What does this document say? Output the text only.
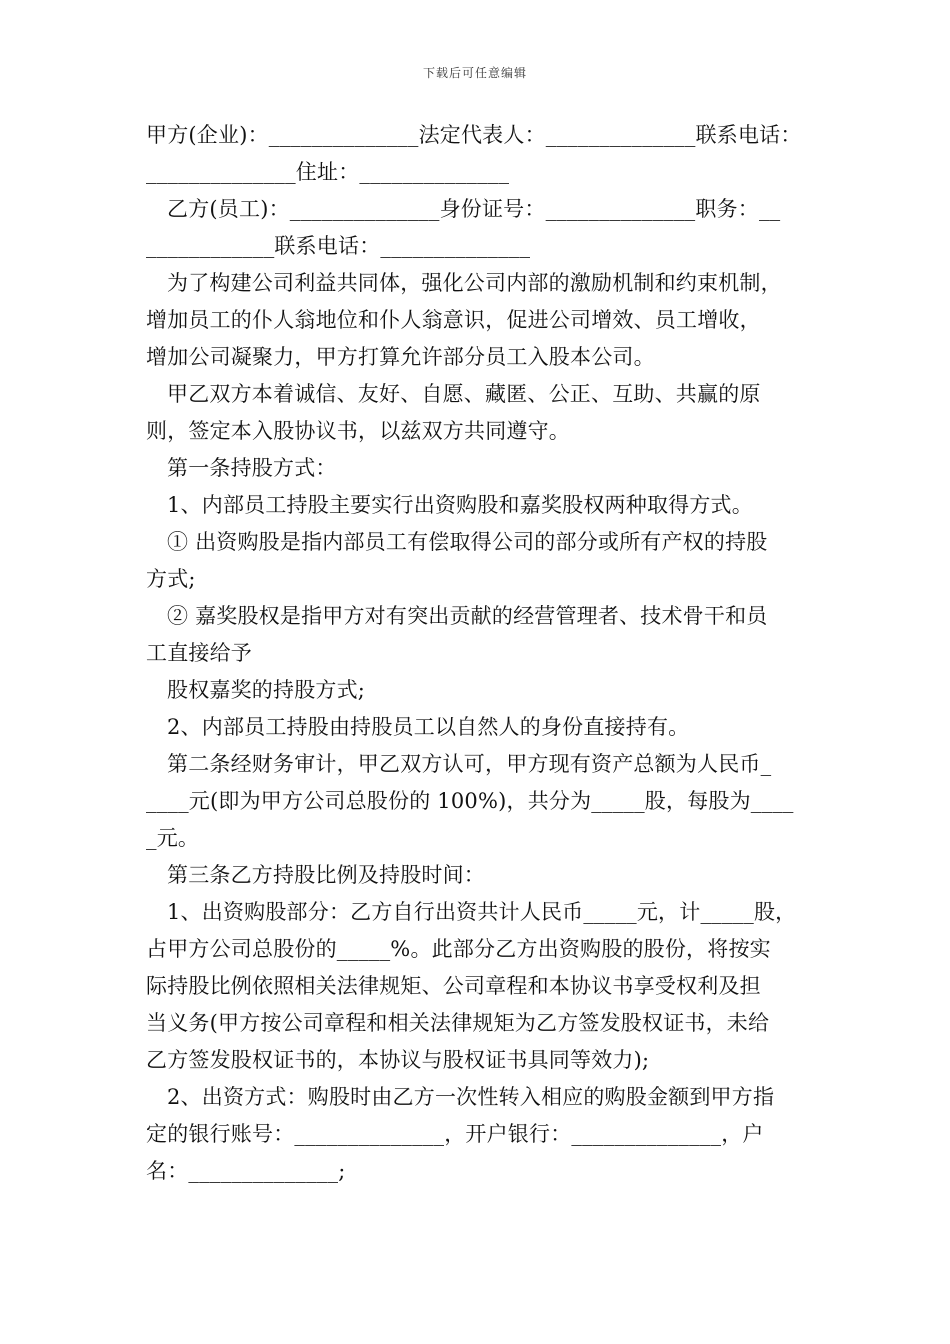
下载后可任意编辑

甲方(企业)：______________法定代表人：______________联系电话：

______________住址：______________

乙方(员工)：______________身份证号：______________职务：__

____________联系电话：______________

为了构建公司利益共同体，强化公司内部的激励机制和约束机制，

增加员工的仆人翁地位和仆人翁意识，促进公司增效、员工增收，

增加公司凝聚力，甲方打算允许部分员工入股本公司。

甲乙双方本着诚信、友好、自愿、藏匿、公正、互助、共赢的原

则，签定本入股协议书，以兹双方共同遵守。

第一条持股方式：

1、内部员工持股主要实行出资购股和嘉奖股权两种取得方式。

① 出资购股是指内部员工有偿取得公司的部分或所有产权的持股

方式;

② 嘉奖股权是指甲方对有突出贡献的经营管理者、技术骨干和员

工直接给予

股权嘉奖的持股方式;

2、内部员工持股由持股员工以自然人的身份直接持有。

第二条经财务审计，甲乙双方认可，甲方现有资产总额为人民币_

____元(即为甲方公司总股份的 100%)，共分为_____股，每股为____

_元。

第三条乙方持股比例及持股时间：

1、出资购股部分：乙方自行出资共计人民币_____元，计_____股，

占甲方公司总股份的_____%。此部分乙方出资购股的股份，将按实

际持股比例依照相关法律规矩、公司章程和本协议书享受权利及担

当义务(甲方按公司章程和相关法律规矩为乙方签发股权证书，未给

乙方签发股权证书的，本协议与股权证书具同等效力);

2、出资方式：购股时由乙方一次性转入相应的购股金额到甲方指

定的银行账号：______________，开户银行：______________，户

名：______________;
